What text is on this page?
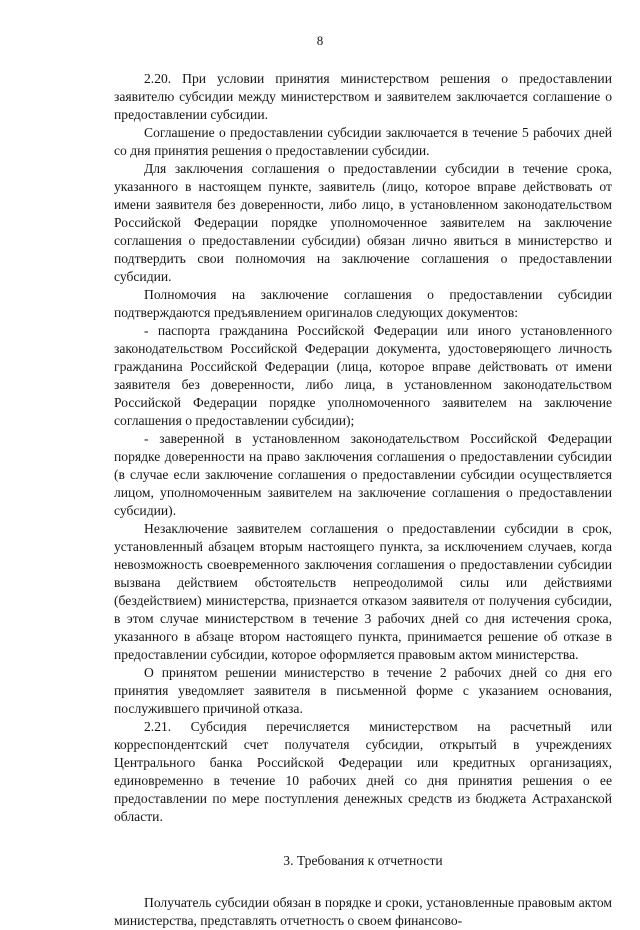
8

2.20. При условии принятия министерством решения о предоставлении заявителю субсидии между министерством и заявителем заключается соглашение о предоставлении субсидии.

Соглашение о предоставлении субсидии заключается в течение 5 рабочих дней со дня принятия решения о предоставлении субсидии.

Для заключения соглашения о предоставлении субсидии в течение срока, указанного в настоящем пункте, заявитель (лицо, которое вправе действовать от имени заявителя без доверенности, либо лицо, в установленном законодательством Российской Федерации порядке уполномоченное заявителем на заключение соглашения о предоставлении субсидии) обязан лично явиться в министерство и подтвердить свои полномочия на заключение соглашения о предоставлении субсидии.

Полномочия на заключение соглашения о предоставлении субсидии подтверждаются предъявлением оригиналов следующих документов:

- паспорта гражданина Российской Федерации или иного установленного законодательством Российской Федерации документа, удостоверяющего личность гражданина Российской Федерации (лица, которое вправе действовать от имени заявителя без доверенности, либо лица, в установленном законодательством Российской Федерации порядке уполномоченного заявителем на заключение соглашения о предоставлении субсидии);

- заверенной в установленном законодательством Российской Федерации порядке доверенности на право заключения соглашения о предоставлении субсидии (в случае если заключение соглашения о предоставлении субсидии осуществляется лицом, уполномоченным заявителем на заключение соглашения о предоставлении субсидии).

Незаключение заявителем соглашения о предоставлении субсидии в срок, установленный абзацем вторым настоящего пункта, за исключением случаев, когда невозможность своевременного заключения соглашения о предоставлении субсидии вызвана действием обстоятельств непреодолимой силы или действиями (бездействием) министерства, признается отказом заявителя от получения субсидии, в этом случае министерством в течение 3 рабочих дней со дня истечения срока, указанного в абзаце втором настоящего пункта, принимается решение об отказе в предоставлении субсидии, которое оформляется правовым актом министерства.

О принятом решении министерство в течение 2 рабочих дней со дня его принятия уведомляет заявителя в письменной форме с указанием основания, послужившего причиной отказа.

2.21. Субсидия перечисляется министерством на расчетный или корреспондентский счет получателя субсидии, открытый в учреждениях Центрального банка Российской Федерации или кредитных организациях, единовременно в течение 10 рабочих дней со дня принятия решения о ее предоставлении по мере поступления денежных средств из бюджета Астраханской области.

3. Требования к отчетности

Получатель субсидии обязан в порядке и сроки, установленные правовым актом министерства, представлять отчетность о своем финансово-
